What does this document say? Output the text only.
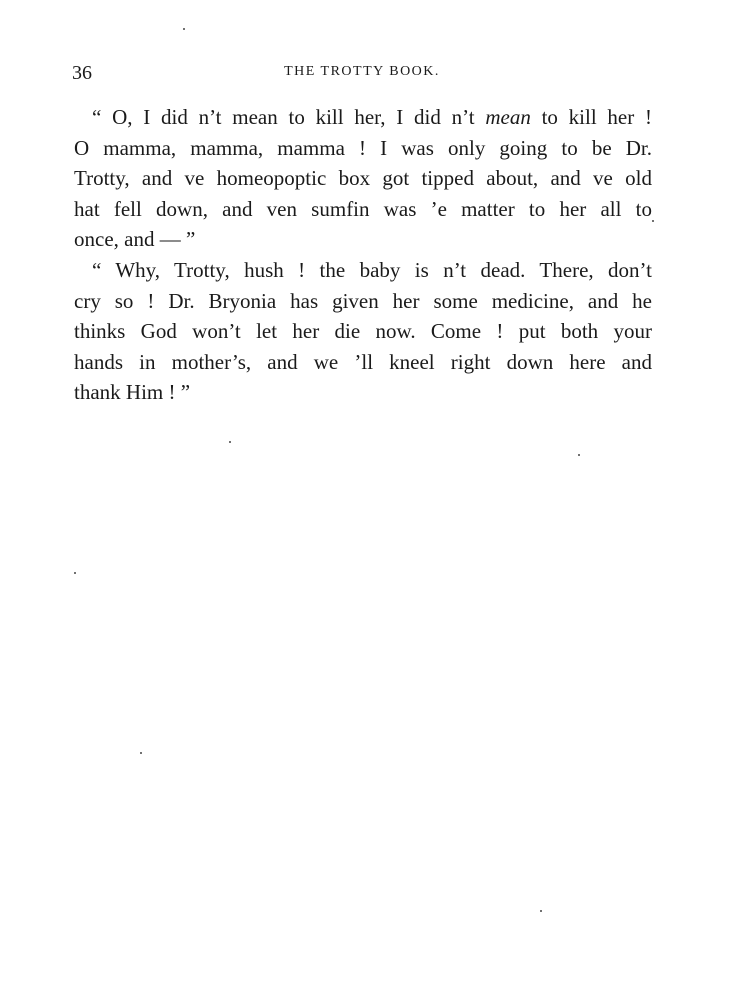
36	THE TROTTY BOOK.
“ O, I did n’t mean to kill her, I did n’t mean to kill her !
O mamma, mamma, mamma ! I was only going to be Dr.
Trotty, and ve homeopoptic box got tipped about, and ve old
hat fell down, and ven sumfin was ’e matter to her all to
once, and — ”
“ Why, Trotty, hush ! the baby is n’t dead. There, don’t
cry so ! Dr. Bryonia has given her some medicine, and he
thinks God won’t let her die now. Come ! put both your
hands in mother’s, and we ’ll kneel right down here and
thank Him ! ”
